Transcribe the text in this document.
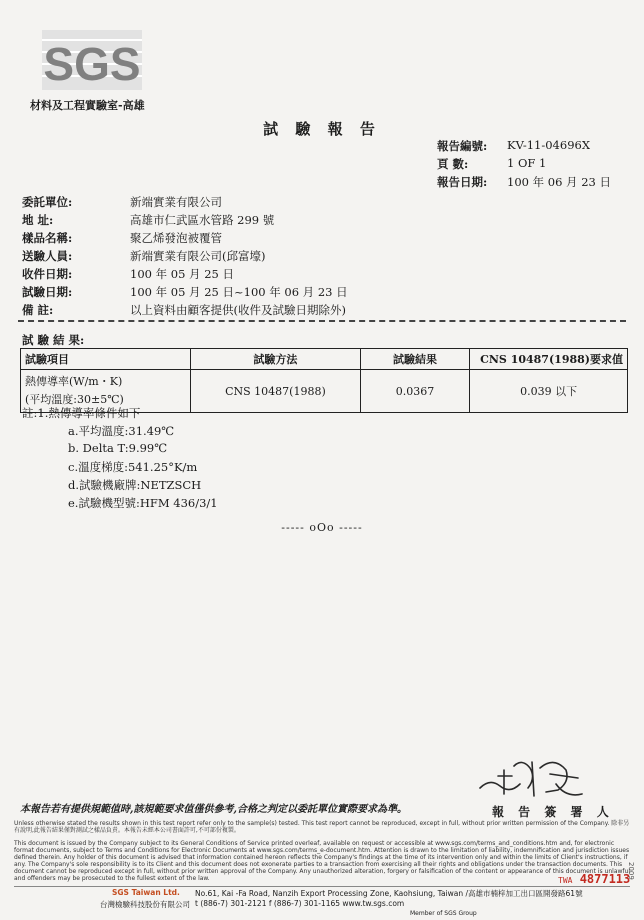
SGS
材料及工程實驗室-高雄
試 驗 報 告
報告編號:	KV-11-04696X
頁 數:	1 OF 1
報告日期:	100 年 06 月 23 日
委託單位:	新端實業有限公司
地 址:	高雄市仁武區水管路 299 號
樣品名稱:	聚乙烯發泡被覆管
送驗人員:	新端實業有限公司(邱富壕)
收件日期:	100 年 05 月 25 日
試驗日期:	100 年 05 月 25 日~100 年 06 月 23 日
備 註:	以上資料由顧客提供(收件及試驗日期除外)
試 驗 結 果:
試驗項目	試驗方法	試驗結果	CNS 10487(1988)要求值

熱傳導率(W/m・K)
(平均溫度:30±5℃)	CNS 10487(1988)	0.0367	0.039 以下
註:1.熱傳導率條件如下
a.平均溫度:31.49℃
b. Delta T:9.99℃
c.溫度梯度:541.25°K/m
d.試驗機廠牌:NETZSCH
e.試驗機型號:HFM 436/3/1
----- oOo -----
報 告 簽 署 人
本報告若有提供規範值時,該規範要求值僅供參考,合格之判定以委託單位實際要求為準。
Unless otherwise stated the results shown in this test report refer only to the sample(s) tested. This test report cannot be reproduced, except in full, without prior written permission of the Company. 除非另有說明,此報告結果僅對測試之樣品負責。本報告未經本公司書面許可,不可部份複製。
This document is issued by the Company subject to its General Conditions of Service printed overleaf, available on request or accessible at www.sgs.com/terms_and_conditions.htm and, for electronic format documents, subject to Terms and Conditions for Electronic Documents at www.sgs.com/terms_e-document.htm. Attention is drawn to the limitation of liability, indemnification and jurisdiction issues defined therein. Any holder of this document is advised that information contained hereon reflects the Company's findings at the time of its intervention only and within the limits of Client's instructions, if any. The Company's sole responsibility is to its Client and this document does not exonerate parties to a transaction from exercising all their rights and obligations under the transaction documents. This document cannot be reproduced except in full, without prior written approval of the Company. Any unauthorized alteration, forgery or falsification of the content or appearance of this document is unlawful and offenders may be prosecuted to the fullest extent of the law.
SGS Taiwan Ltd.
台灣檢驗科技股份有限公司
No.61, Kai -Fa Road, Nanzih Export Processing Zone, Kaohsiung, Taiwan /高雄市楠梓加工出口區開發路61號
t (886-7) 301-2121 f (886-7) 301-1165 www.tw.sgs.com
Member of SGS Group
TWA 4877113
2009
